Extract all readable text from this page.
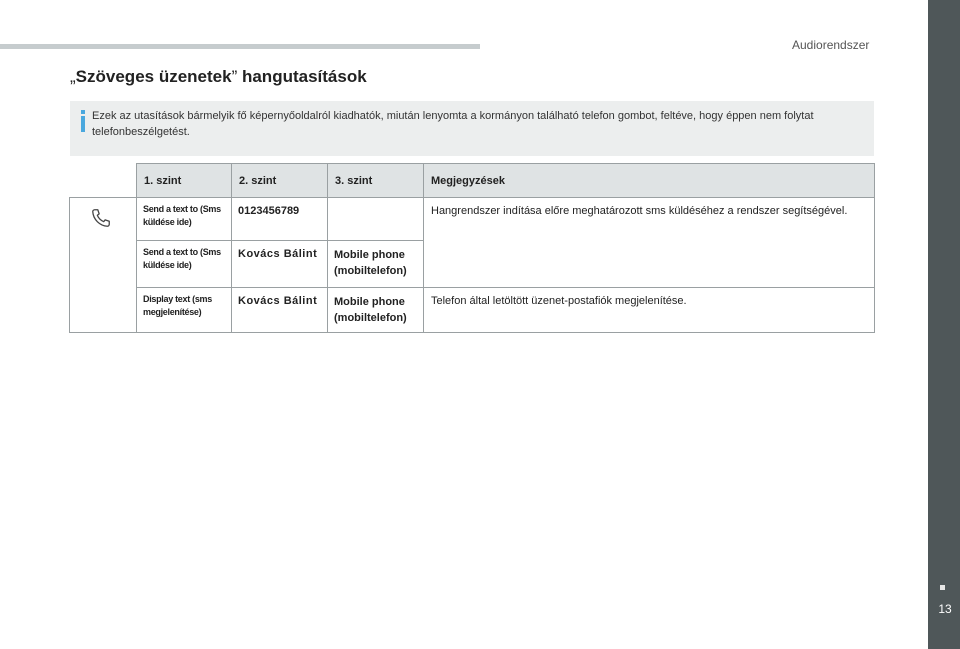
13
Audiorendszer
„Szöveges üzenetek” hangutasítások
Ezek az utasítások bármelyik fő képernyőoldalról kiadhatók, miután lenyomta a kormányon található telefon gombot, feltéve, hogy éppen nem folytat telefonbeszélgetést.
	1. szint	2. szint	3. szint	Megjegyzések

	Send a text to (Sms küldése ide)	0123456789		Hangrendszer indítása előre meghatározott sms küldéséhez a rendszer segítségével.
	Send a text to (Sms küldése ide)	Kovács Bálint	Mobile phone (mobiltelefon)	
	Display text (sms megjelenítése)	Kovács Bálint	Mobile phone (mobiltelefon)	Telefon által letöltött üzenet-postafiók megjelenítése.
